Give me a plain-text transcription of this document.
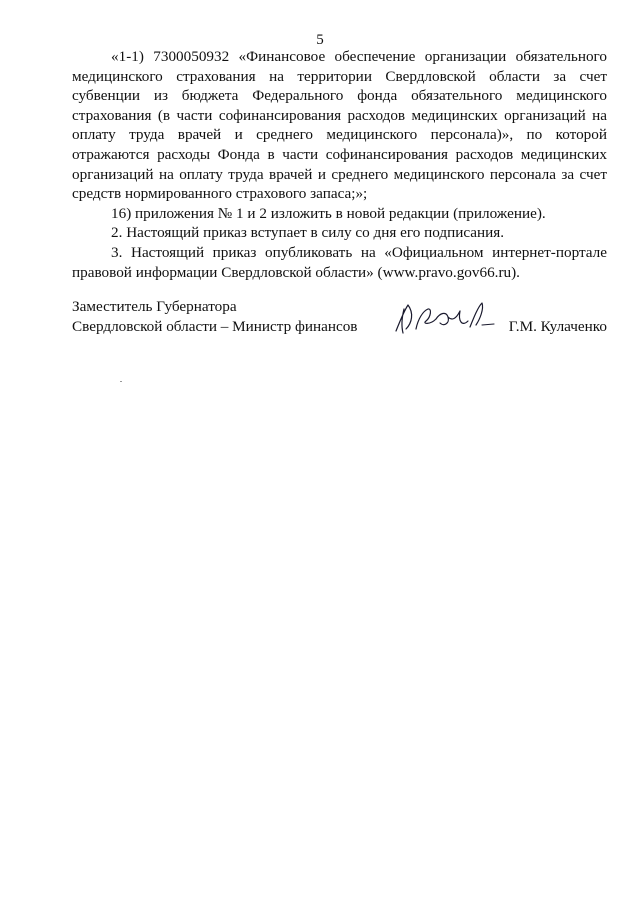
5

«1-1) 7300050932 «Финансовое обеспечение организации обязательного медицинского страхования на территории Свердловской области за счет субвенции из бюджета Федерального фонда обязательного медицинского страхования (в части софинансирования расходов медицинских организаций на оплату труда врачей и среднего медицинского персонала)», по которой отражаются расходы Фонда в части софинансирования расходов медицинских организаций на оплату труда врачей и среднего медицинского персонала за счет средств нормированного страхового запаса;»;

16) приложения № 1 и 2 изложить в новой редакции (приложение).

2. Настоящий приказ вступает в силу со дня его подписания.

3. Настоящий приказ опубликовать на «Официальном интернет-портале правовой информации Свердловской области» (www.pravo.gov66.ru).

Заместитель Губернатора
Свердловской области – Министр финансов	Г.М. Кулаченко
